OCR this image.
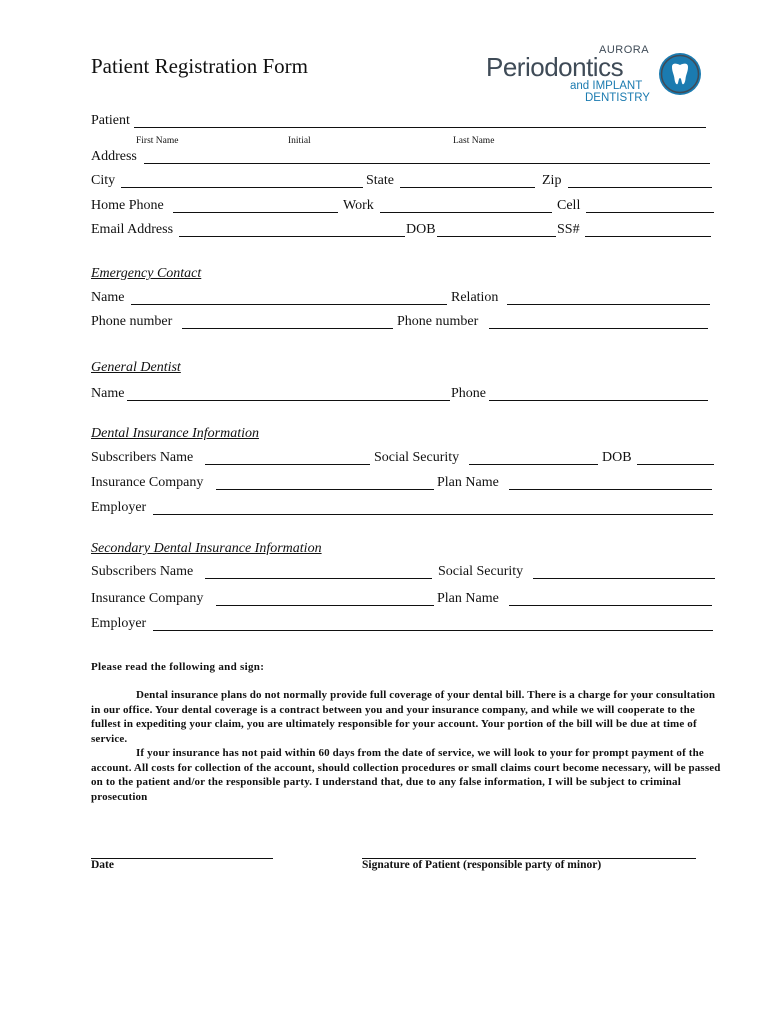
Patient Registration Form
AURORA
Periodontics
and IMPLANT
DENTISTRY
Patient
First Name	Initial	Last Name
Address
City	State	Zip
Home Phone	Work	Cell
Email Address	DOB	SS#
Emergency Contact
Name	Relation
Phone number	Phone number
General Dentist
Name	Phone
Dental Insurance Information
Subscribers Name	Social Security	DOB
Insurance Company	Plan Name
Employer
Secondary Dental Insurance Information
Subscribers Name	Social Security
Insurance Company	Plan Name
Employer
Please read the following and sign:
Dental insurance plans do not normally provide full coverage of your dental bill. There is a charge for your consultation in our office. Your dental coverage is a contract between you and your insurance company, and while we will cooperate to the fullest in expediting your claim, you are ultimately responsible for your account. Your portion of the bill will be due at time of service.
If your insurance has not paid within 60 days from the date of service, we will look to your for prompt payment of the account. All costs for collection of the account, should collection procedures or small claims court become necessary, will be passed on to the patient and/or the responsible party. I understand that, due to any false information, I will be subject to criminal prosecution
Date	Signature of Patient (responsible party of minor)
